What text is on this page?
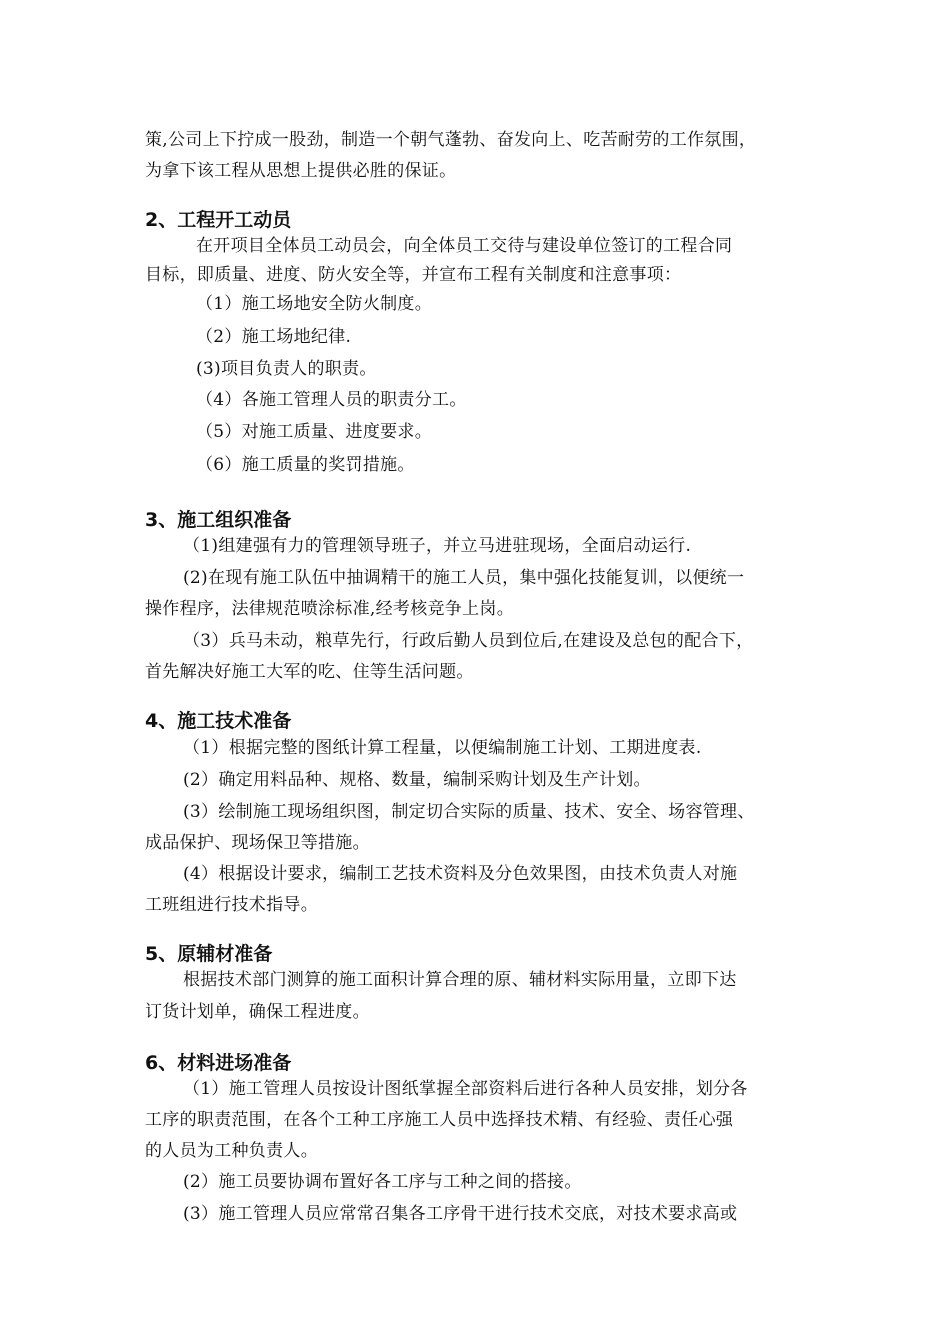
策,公司上下拧成一股劲，制造一个朝气蓬勃、奋发向上、吃苦耐劳的工作氛围，
为拿下该工程从思想上提供必胜的保证。
2、工程开工动员
在开项目全体员工动员会，向全体员工交待与建设单位签订的工程合同
目标，即质量、进度、防火安全等，并宣布工程有关制度和注意事项：
（1）施工场地安全防火制度。
（2）施工场地纪律.
(3)项目负责人的职责。
（4）各施工管理人员的职责分工。
（5）对施工质量、进度要求。
（6）施工质量的奖罚措施。
3、施工组织准备
（1)组建强有力的管理领导班子，并立马进驻现场，全面启动运行.
(2)在现有施工队伍中抽调精干的施工人员，集中强化技能复训，以便统一
操作程序，法律规范喷涂标准,经考核竞争上岗。
（3）兵马未动，粮草先行，行政后勤人员到位后,在建设及总包的配合下，
首先解决好施工大军的吃、住等生活问题。
4、施工技术准备
（1）根据完整的图纸计算工程量，以便编制施工计划、工期进度表.
(2）确定用料品种、规格、数量，编制采购计划及生产计划。
(3）绘制施工现场组织图，制定切合实际的质量、技术、安全、场容管理、
成品保护、现场保卫等措施。
(4）根据设计要求，编制工艺技术资料及分色效果图，由技术负责人对施
工班组进行技术指导。
5、原辅材准备
根据技术部门测算的施工面积计算合理的原、辅材料实际用量，立即下达
订货计划单，确保工程进度。
6、材料进场准备
（1）施工管理人员按设计图纸掌握全部资料后进行各种人员安排，划分各
工序的职责范围，在各个工种工序施工人员中选择技术精、有经验、责任心强
的人员为工种负责人。
(2）施工员要协调布置好各工序与工种之间的搭接。
(3）施工管理人员应常常召集各工序骨干进行技术交底，对技术要求高或
